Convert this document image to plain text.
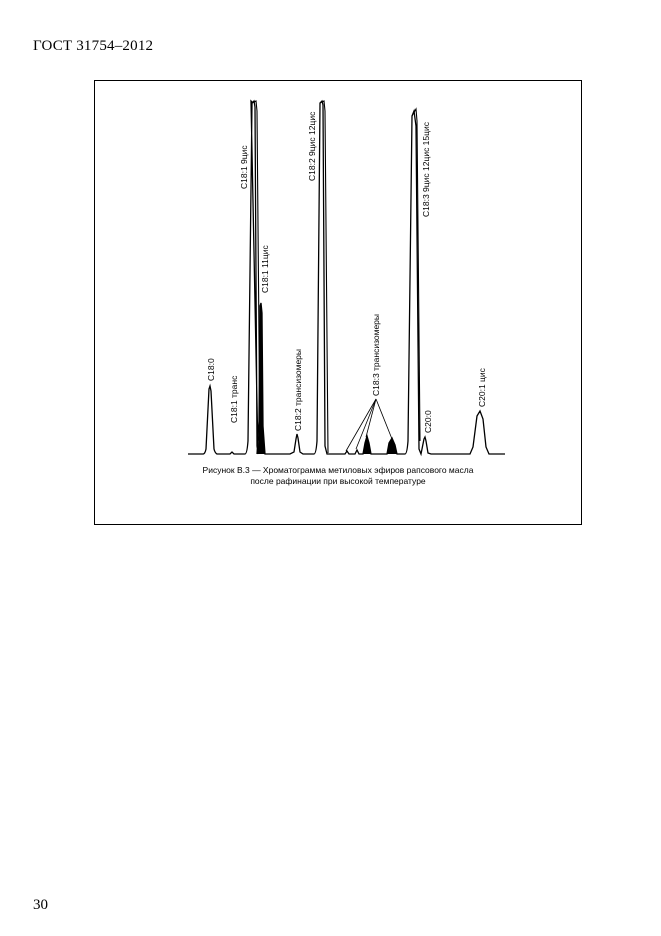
ГОСТ 31754–2012
C18:0
C18:1 транс
C18:1 9цис
C18:1 11цис
C18:2 трансизомеры
C18:2 9цис 12цис
C18:3 трансизомеры
C18:3 9цис 12цис 15цис
C20:0
C20:1 цис
Рисунок В.3 — Хроматограмма метиловых эфиров рапсового масла
после рафинации при высокой температуре
30
